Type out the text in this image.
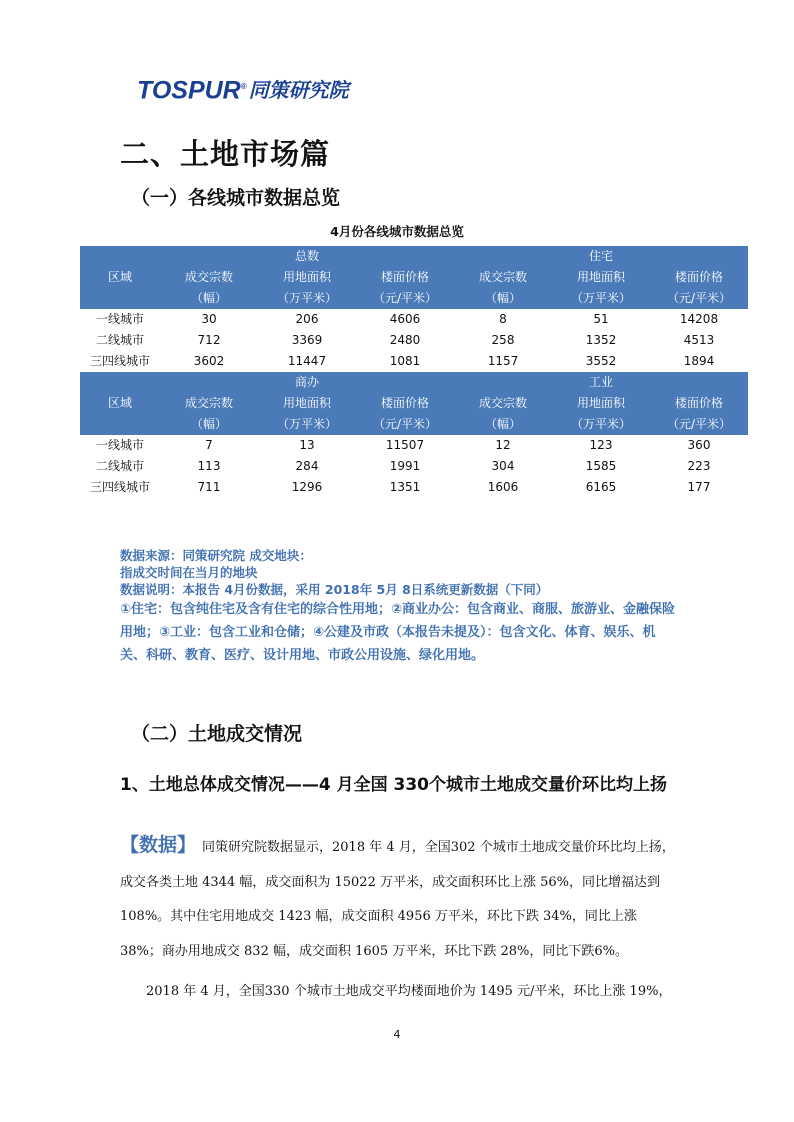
TOSPUR® 同策研究院
二、土地市场篇
（一）各线城市数据总览
4月份各线城市数据总览
		总数			住宅	
区域	成交宗数	用地面积	楼面价格	成交宗数	用地面积	楼面价格
	（幅）	（万平米）	（元/平米）	（幅）	（万平米）	（元/平米）
一线城市	30	206	4606	8	51	14208
二线城市	712	3369	2480	258	1352	4513
三四线城市	3602	11447	1081	1157	3552	1894
		商办			工业	
区域	成交宗数	用地面积	楼面价格	成交宗数	用地面积	楼面价格
	（幅）	（万平米）	（元/平米）	（幅）	（万平米）	（元/平米）
一线城市	7	13	11507	12	123	360
二线城市	113	284	1991	304	1585	223
三四线城市	711	1296	1351	1606	6165	177

数据来源：同策研究院 成交地块：

指成交时间在当月的地块

数据说明：本报告 4月份数据，采用 2018年 5月 8日系统更新数据（下同）

①住宅：包含纯住宅及含有住宅的综合性用地；②商业办公：包含商业、商服、旅游业、金融保险用地；③工业：包含工业和仓储；④公建及市政（本报告未提及）：包含文化、体育、娱乐、机关、科研、教育、医疗、设计用地、市政公用设施、绿化用地。

（二）土地成交情况
1、土地总体成交情况——4 月全国 330个城市土地成交量价环比均上扬
【数据】 同策研究院数据显示，2018 年 4 月，全国302 个城市土地成交量价环比均上扬，成交各类土地 4344 幅，成交面积为 15022 万平米，成交面积环比上涨 56%，同比增福达到 108%。其中住宅用地成交 1423 幅，成交面积 4956 万平米，环比下跌 34%，同比上涨 38%；商办用地成交 832 幅，成交面积 1605 万平米，环比下跌 28%，同比下跌6%。
2018 年 4 月，全国330 个城市土地成交平均楼面地价为 1495 元/平米，环比上涨 19%，
4
